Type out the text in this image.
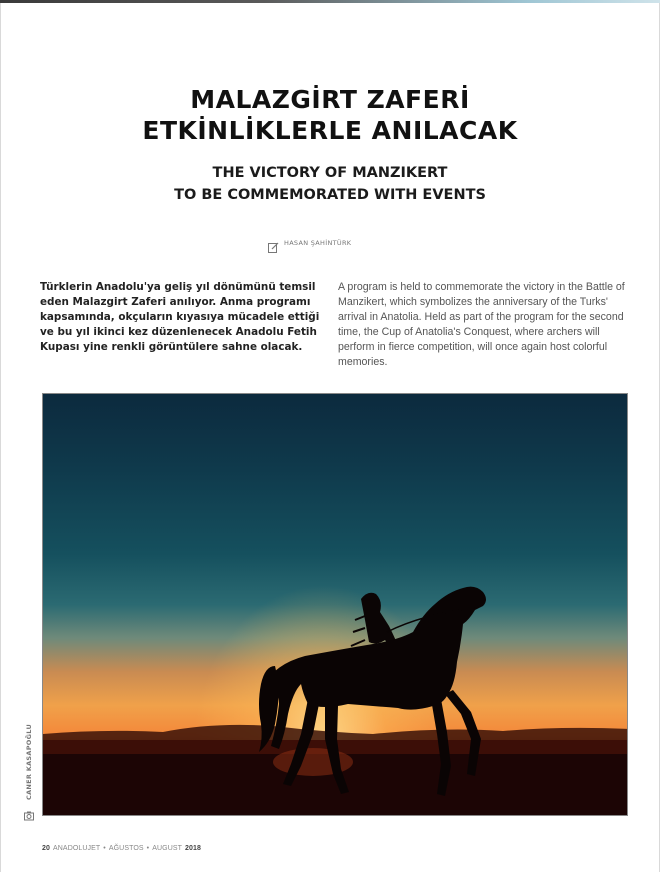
MALAZGİRT ZAFERİ
ETKİNLİKLERLE ANILACAK
THE VICTORY OF MANZIKERT
TO BE COMMEMORATED WITH EVENTS
HASAN ŞAHİNTÜRK

Türklerin Anadolu'ya geliş yıl dönümünü temsil eden Malazgirt Zaferi anılıyor. Anma programı kapsamında, okçuların kıyasıya mücadele ettiği ve bu yıl ikinci kez düzenlenecek Anadolu Fetih Kupası yine renkli görüntülere sahne olacak.

A program is held to commemorate the victory in the Battle of Manzikert, which symbolizes the anniversary of the Turks' arrival in Anatolia. Held as part of the program for the second time, the Cup of Anatolia's Conquest, where archers will perform in fierce competition, will once again host colorful memories.

CANER KASAPOĞLU
20 ANADOLUJET • AĞUSTOS • AUGUST 2018
